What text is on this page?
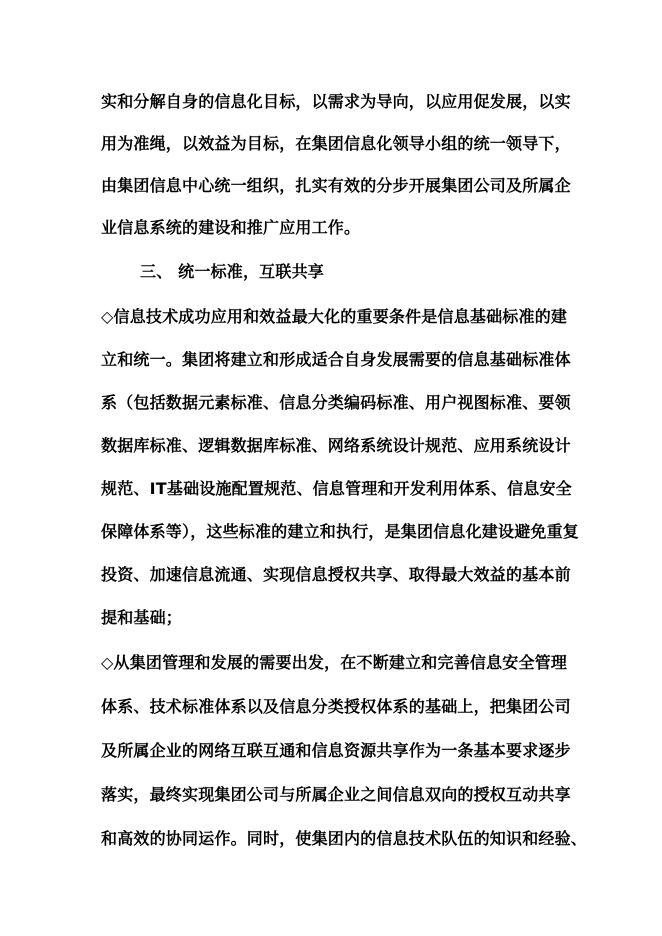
实和分解自身的信息化目标，以需求为导向，以应用促发展，以实
用为准绳，以效益为目标，在集团信息化领导小组的统一领导下，
由集团信息中心统一组织，扎实有效的分步开展集团公司及所属企
业信息系统的建设和推广应用工作。
三、 统一标准，互联共享
◇信息技术成功应用和效益最大化的重要条件是信息基础标准的建
立和统一。集团将建立和形成适合自身发展需要的信息基础标准体
系（包括数据元素标准、信息分类编码标准、用户视图标准、要领
数据库标准、逻辑数据库标准、网络系统设计规范、应用系统设计
规范、IT基础设施配置规范、信息管理和开发利用体系、信息安全
保障体系等），这些标准的建立和执行，是集团信息化建设避免重复
投资、加速信息流通、实现信息授权共享、取得最大效益的基本前
提和基础；
◇从集团管理和发展的需要出发，在不断建立和完善信息安全管理
体系、技术标准体系以及信息分类授权体系的基础上，把集团公司
及所属企业的网络互联互通和信息资源共享作为一条基本要求逐步
落实，最终实现集团公司与所属企业之间信息双向的授权互动共享
和高效的协同运作。同时，使集团内的信息技术队伍的知识和经验、
